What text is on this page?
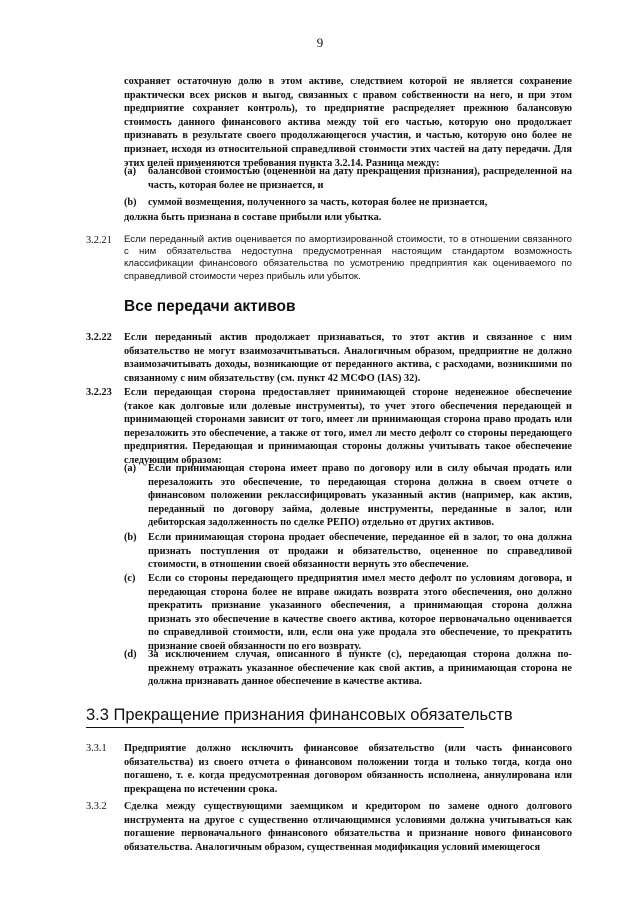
9

сохраняет остаточную долю в этом активе, следствием которой не является сохранение практически всех рисков и выгод, связанных с правом собственности на него, и при этом предприятие сохраняет контроль), то предприятие распределяет прежнюю балансовую стоимость данного финансового актива между той его частью, которую оно продолжает признавать в результате своего продолжающегося участия, и частью, которую оно более не признает, исходя из относительной справедливой стоимости этих частей на дату передачи. Для этих целей применяются требования пункта 3.2.14. Разница между:

(a)	балансовой стоимостью (оцененной на дату прекращения признания), распределенной на часть, которая более не признается, и
(b)	суммой возмещения, полученного за часть, которая более не признается,
должна быть признана в составе прибыли или убытка.
3.2.21 Если переданный актив оценивается по амортизированной стоимости, то в отношении связанного с ним обязательства недоступна предусмотренная настоящим стандартом возможность классификации финансового обязательства по усмотрению предприятия как оцениваемого по справедливой стоимости через прибыль или убыток.
Все передачи активов
3.2.22 Если переданный актив продолжает признаваться, то этот актив и связанное с ним обязательство не могут взаимозачитываться. Аналогичным образом, предприятие не должно взаимозачитывать доходы, возникающие от переданного актива, с расходами, возникшими по связанному с ним обязательству (см. пункт 42 МСФО (IAS) 32).
3.2.23 Если передающая сторона предоставляет принимающей стороне неденежное обеспечение (такое как долговые или долевые инструменты), то учет этого обеспечения передающей и принимающей сторонами зависит от того, имеет ли принимающая сторона право продать или перезаложить это обеспечение, а также от того, имел ли место дефолт со стороны передающего предприятия. Передающая и принимающая стороны должны учитывать такое обеспечение следующим образом:
(a)	Если принимающая сторона имеет право по договору или в силу обычая продать или перезаложить это обеспечение, то передающая сторона должна в своем отчете о финансовом положении реклассифицировать указанный актив (например, как актив, переданный по договору займа, долевые инструменты, переданные в залог, или дебиторская задолженность по сделке РЕПО) отдельно от других активов.
(b)	Если принимающая сторона продает обеспечение, переданное ей в залог, то она должна признать поступления от продажи и обязательство, оцененное по справедливой стоимости, в отношении своей обязанности вернуть это обеспечение.
(c)	Если со стороны передающего предприятия имел место дефолт по условиям договора, и передающая сторона более не вправе ожидать возврата этого обеспечения, оно должно прекратить признание указанного обеспечения, а принимающая сторона должна признать это обеспечение в качестве своего актива, которое первоначально оценивается по справедливой стоимости, или, если она уже продала это обеспечение, то прекратить признание своей обязанности по его возврату.
(d)	За исключением случая, описанного в пункте (c), передающая сторона должна по-прежнему отражать указанное обеспечение как свой актив, а принимающая сторона не должна признавать данное обеспечение в качестве актива.
3.3 Прекращение признания финансовых обязательств
3.3.1 Предприятие должно исключить финансовое обязательство (или часть финансового обязательства) из своего отчета о финансовом положении тогда и только тогда, когда оно погашено, т. е. когда предусмотренная договором обязанность исполнена, аннулирована или прекращена по истечении срока.
3.3.2 Сделка между существующими заемщиком и кредитором по замене одного долгового инструмента на другое с существенно отличающимися условиями должна учитываться как погашение первоначального финансового обязательства и признание нового финансового обязательства. Аналогичным образом, существенная модификация условий имеющегося
